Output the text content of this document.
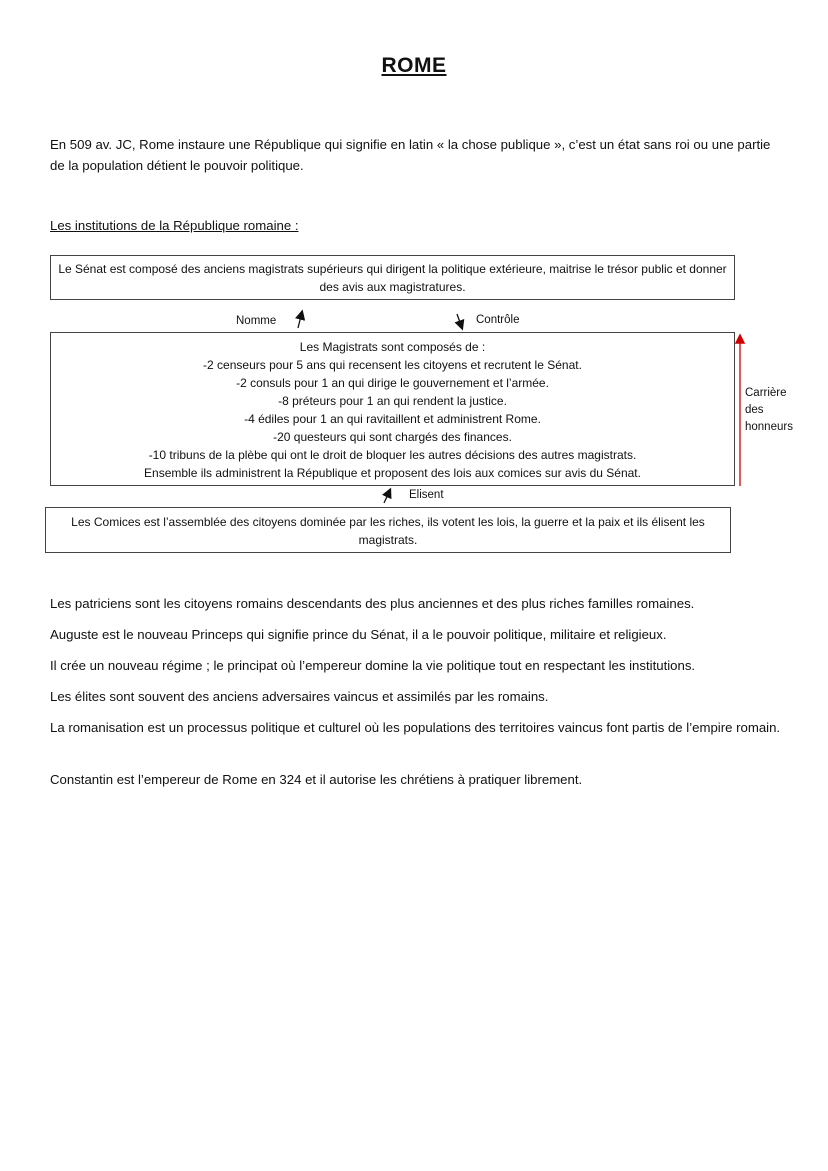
ROME
En 509 av. JC, Rome instaure une République qui signifie en latin « la chose publique », c’est un état sans roi ou une partie de la population détient le pouvoir politique.
Les institutions de la République romaine :
Le Sénat est composé des anciens magistrats supérieurs qui dirigent la politique extérieure, maitrise le trésor public et donner des avis aux magistratures.
Nomme	Contrôle
Les Magistrats sont composés de :
-2 censeurs pour 5 ans qui recensent les citoyens et recrutent le Sénat.
-2 consuls pour 1 an qui dirige le gouvernement et l’armée.
-8 préteurs pour 1 an qui rendent la justice.
-4 édiles pour 1 an qui ravitaillent et administrent Rome.
-20 questeurs qui sont chargés des finances.
-10 tribuns de la plèbe qui ont le droit de bloquer les autres décisions des autres magistrats.
Ensemble ils administrent la République et proposent des lois aux comices sur avis du Sénat.
Carrière
des
honneurs
Elisent
Les Comices est l’assemblée des citoyens dominée par les riches, ils votent les lois, la guerre et la paix et ils élisent les magistrats.
Les patriciens sont les citoyens romains descendants des plus anciennes et des plus riches familles romaines.
Auguste est le nouveau Princeps qui signifie prince du Sénat, il a le pouvoir politique, militaire et religieux.
Il crée un nouveau régime ; le principat où l’empereur domine la vie politique tout en respectant les institutions.
Les élites sont souvent des anciens adversaires vaincus et assimilés par les romains.
La romanisation est un processus politique et culturel où les populations des territoires vaincus font partis de l’empire romain.
Constantin est l’empereur de Rome en 324 et il autorise les chrétiens à pratiquer librement.
